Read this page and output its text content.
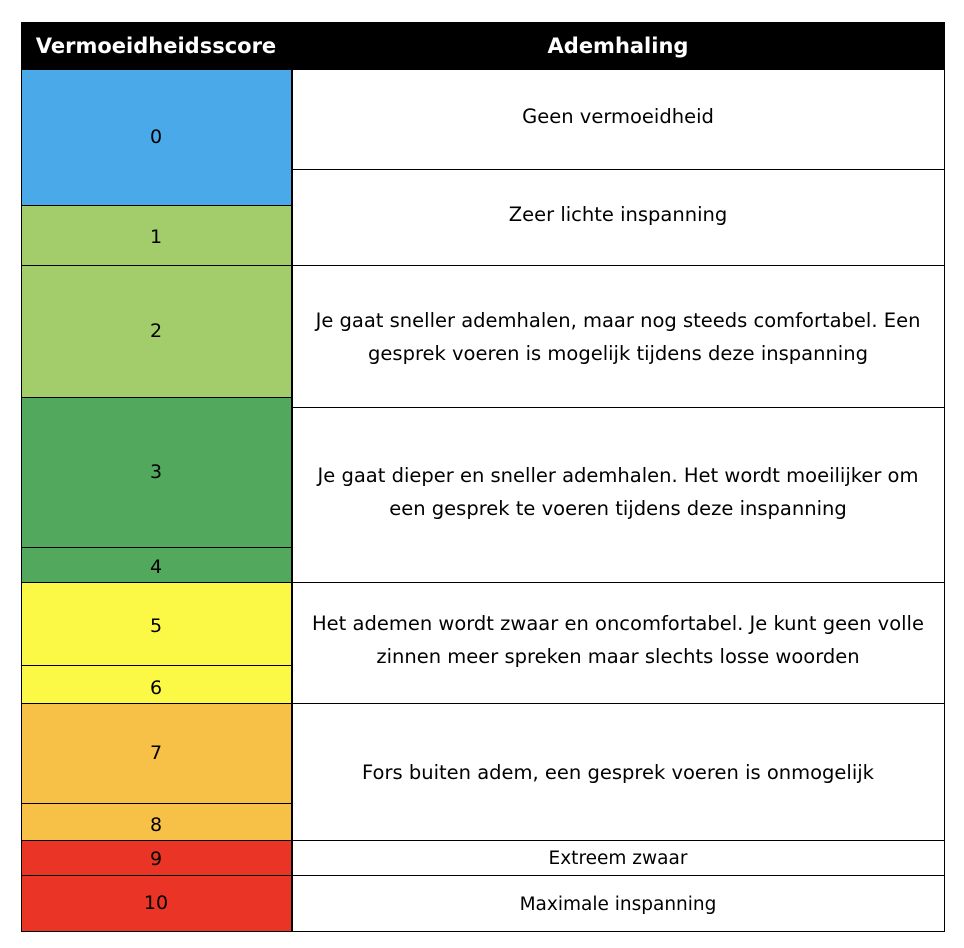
Vermoeidheidsscore	Ademhaling
0
1
2
3
4
5
6
7
8
9
10
Geen vermoeidheid
Zeer lichte inspanning
Je gaat sneller ademhalen, maar nog steeds comfortabel. Een gesprek voeren is mogelijk tijdens deze inspanning
Je gaat dieper en sneller ademhalen. Het wordt moeilijker om een gesprek te voeren tijdens deze inspanning
Het ademen wordt zwaar en oncomfortabel. Je kunt geen volle zinnen meer spreken maar slechts losse woorden
Fors buiten adem, een gesprek voeren is onmogelijk
Extreem zwaar
Maximale inspanning
